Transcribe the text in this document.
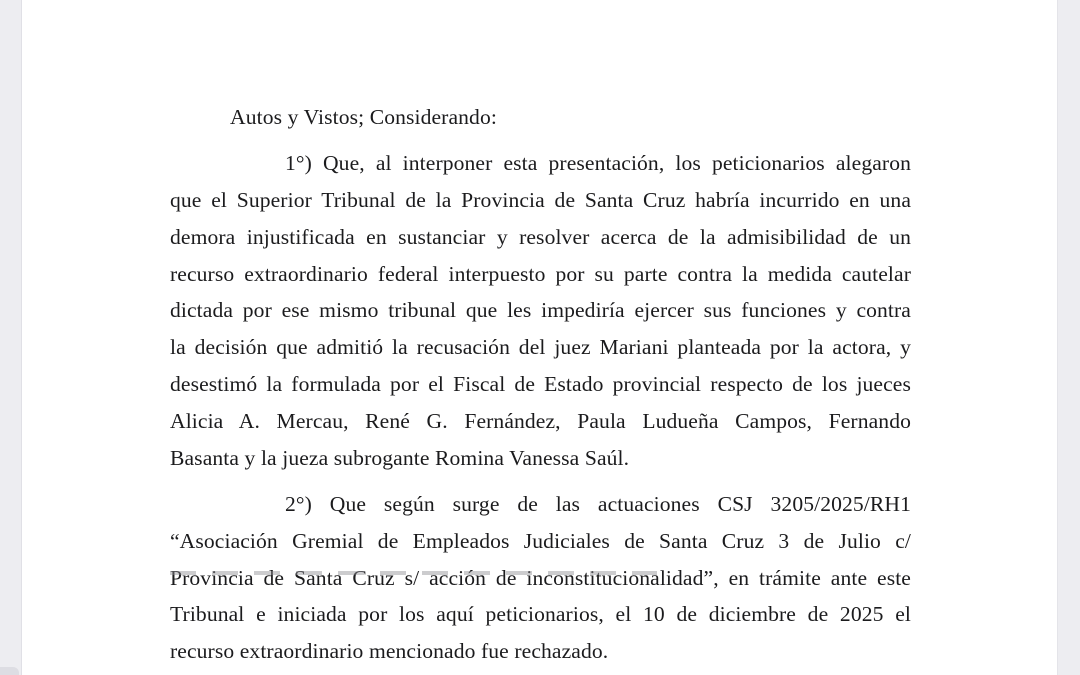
Autos y Vistos; Considerando:
1°) Que, al interponer esta presentación, los peticionarios alegaron
que el Superior Tribunal de la Provincia de Santa Cruz habría incurrido en una
demora injustificada en sustanciar y resolver acerca de la admisibilidad de un
recurso extraordinario federal interpuesto por su parte contra la medida cautelar
dictada por ese mismo tribunal que les impediría ejercer sus funciones y contra
la decisión que admitió la recusación del juez Mariani planteada por la actora, y
desestimó la formulada por el Fiscal de Estado provincial respecto de los jueces
Alicia A. Mercau, René G. Fernández, Paula Ludueña Campos, Fernando
Basanta y la jueza subrogante Romina Vanessa Saúl.
2°) Que según surge de las actuaciones CSJ 3205/2025/RH1
“Asociación Gremial de Empleados Judiciales de Santa Cruz 3 de Julio c/
Provincia de Santa Cruz s/ acción de inconstitucionalidad”, en trámite ante este
Tribunal e iniciada por los aquí peticionarios, el 10 de diciembre de 2025 el
recurso extraordinario mencionado fue rechazado.
